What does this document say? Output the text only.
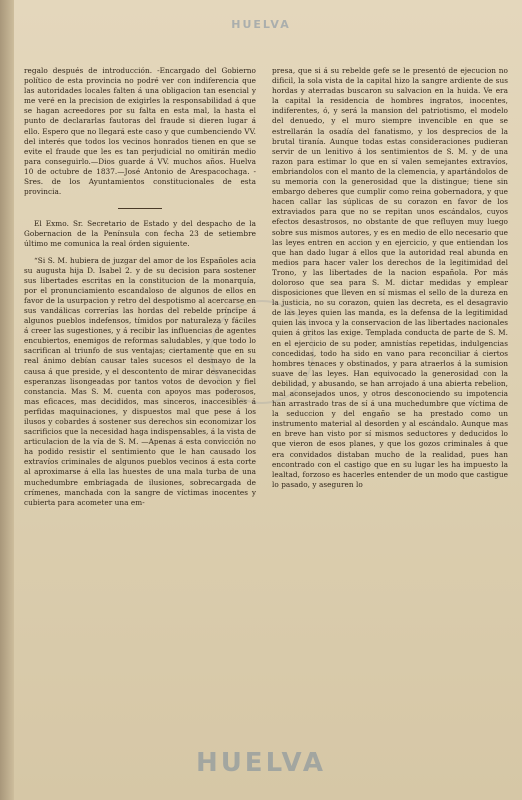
HUELVA

regalo después de introducción. -Encargado del Gobierno político de esta provincia no podré ver con indiferencia que las autoridades locales falten á una obligacion tan esencial y me veré en la precision de exigirles la responsabilidad á que se hagan acreedores por su falta en esta mal, la hasta el punto de declararlas fautoras del fraude si dieren lugar á ello. Espero que no llegará este caso y que cumbenciendo VV. del interés que todos los vecinos honrados tienen en que se evite el fraude que les es tan perjudicial no omitirán medio para conseguirlo.—Dios guarde á VV. muchos años. Huelva 10 de octubre de 1837.—José Antonio de Arespacochaga. -Sres. de los Ayuntamientos constitucionales de esta provincia.

El Exmo. Sr. Secretario de Estado y del despacho de la Gobernacion de la Península con fecha 23 de setiembre último me comunica la real órden siguiente.

“Si S. M. hubiera de juzgar del amor de los Españoles acia su augusta hija D. Isabel 2. y de su decision para sostener sus libertades escritas en la constitucion de la monarquía, por el pronunciamiento escandaloso de algunos de ellos en favor de la usurpacion y retro del despotismo al acercarse en sus vandálicas correrías las hordas del rebelde príncipe á algunos pueblos indefensos, tímidos por naturaleza y fáciles á creer las sugestiones, y á recibir las influencias de agentes encubiertos, enemigos de reformas saludables, y que todo lo sacrifican al triunfo de sus ventajas; ciertamente que en su real ánimo debían causar tales sucesos el desmayo de la causa á que preside, y el descontento de mirar desvanecidas esperanzas lisongeadas por tantos votos de devocion y fiel constancia. Mas S. M. cuenta con apoyos mas poderosos, mas eficaces, mas decididos, mas sinceros, inaccesibles á perfidas maquinaciones, y dispuestos mal que pese á los ilusos y cobardes á sostener sus derechos sin economizar los sacrificios que la necesidad haga indispensables, á la vista de articulacion de la vía de S. M. —Apenas á esta convicción no ha podido resistir el sentimiento que le han causado los extravíos criminales de algunos pueblos vecinos á esta corte al aproximarse á ella las huestes de una mala turba de una muchedumbre embriagada de ilusiones, sobrecargada de crímenes, manchada con la sangre de víctimas inocentes y cubierta para acometer una em-

presa, que si á su rebelde gefe se le presentó de ejecucion no dificil, la sola vista de la capital hizo la sangre ardiente de sus hordas y aterradas buscaron su salvacion en la huida. Ve era la capital la residencia de hombres ingratos, inocentes, indiferentes, ó, y será la mansion del patriotismo, el modelo del denuedo, y el muro siempre invencible en que se estrellarán la osadía del fanatismo, y los desprecios de la brutal tiranía. Aunque todas estas consideraciones pudieran servir de un lenitivo á los sentimientos de S. M. y de una razon para estimar lo que en sí valen semejantes extravíos, embriandolos con el manto de la clemencia, y apartándolos de su memoria con la generosidad que la distingue; tiene sin embargo deberes que cumplir como reina gobernadora, y que hacen callar las súplicas de su corazon en favor de los extraviados para que no se repitan unos escándalos, cuyos efectos desastrosos, no obstante de que refluyen muy luego sobre sus mismos autores, y es en medio de ello necesario que las leyes entren en accion y en ejercicio, y que entiendan los que han dado lugar á ellos que la autoridad real abunda en medios para hacer valer los derechos de la legitimidad del Trono, y las libertades de la nacion española. Por más doloroso que sea para S. M. dictar medidas y emplear disposiciones que lleven en sí mismas el sello de la dureza en la justicia, no su corazon, quien las decreta, es el desagravio de las leyes quien las manda, es la defensa de la legitimidad quien las invoca y la conservacion de las libertades nacionales quien á gritos las exige. Templada conducta de parte de S. M. en el ejercicio de su poder, amnistías repetidas, indulgencias concedidas, todo ha sido en vano para reconciliar á ciertos hombres tenaces y obstinados, y para atraerlos á la sumision suave de las leyes. Han equivocado la generosidad con la debilidad, y abusando, se han arrojado á una abierta rebelion, mal aconsejados unos, y otros desconociendo su impotencia han arrastrado tras de sí á una muchedumbre que víctima de la seduccion y del engaño se ha prestado como un instrumento material al desorden y al escándalo. Aunque mas en breve han visto por sí mismos seductores y deducidos lo que vieron de esos planes, y que los gozos criminales á que era convidados distaban mucho de la realidad, pues han encontrado con el castigo que en su lugar les ha impuesto la lealtad, forzoso es hacerles entender de un modo que castigue lo pasado, y aseguren lo

HUELVA
